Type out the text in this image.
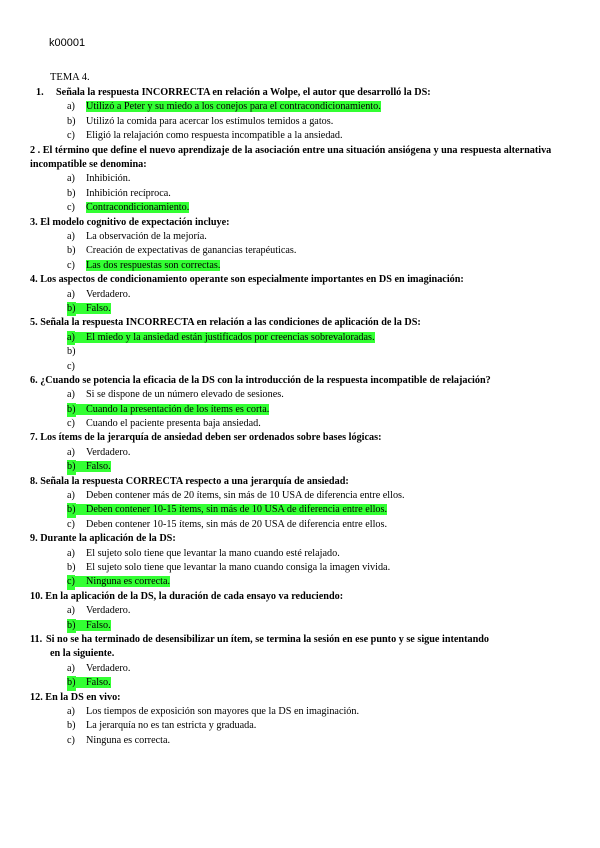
k00001
TEMA 4.

1. Señala la respuesta INCORRECTA en relación a Wolpe, el autor que desarrolló la DS:

a) Utilizó a Peter y su miedo a los conejos para el contracondicionamiento.
b) Utilizó la comida para acercar los estímulos temidos a gatos.
c) Eligió la relajación como respuesta incompatible a la ansiedad.

2 . El término que define el nuevo aprendizaje de la asociación entre una situación ansiógena y una respuesta alternativa incompatible se denomina:

a) Inhibición.
b) Inhibición recíproca.
c) Contracondicionamiento.

3. El modelo cognitivo de expectación incluye:

a) La observación de la mejoría.
b) Creación de expectativas de ganancias terapéuticas.
c) Las dos respuestas son correctas.

4. Los aspectos de condicionamiento operante son especialmente importantes en DS en imaginación:

a) Verdadero.
b) Falso.

5. Señala la respuesta INCORRECTA en relación a las condiciones de aplicación de la DS:

a) El miedo y la ansiedad están justificados por creencias sobrevaloradas.
b)
c)

6. ¿Cuando se potencia la eficacia de la DS con la introducción de la respuesta incompatible de relajación?

a) Si se dispone de un número elevado de sesiones.
b) Cuando la presentación de los ítems es corta.
c) Cuando el paciente presenta baja ansiedad.

7. Los ítems de la jerarquía de ansiedad deben ser ordenados sobre bases lógicas:

a) Verdadero.
b) Falso.

8. Señala la respuesta CORRECTA respecto a una jerarquía de ansiedad:

a) Deben contener más de 20 ítems, sin más de 10 USA de diferencia entre ellos.
b) Deben contener 10-15 ítems, sin más de 10 USA de diferencia entre ellos.
c) Deben contener 10-15 ítems, sin más de 20 USA de diferencia entre ellos.

9. Durante la aplicación de la DS:

a) El sujeto solo tiene que levantar la mano cuando esté relajado.
b) El sujeto solo tiene que levantar la mano cuando consiga la imagen vivida.
c) Ninguna es correcta.

10. En la aplicación de la DS, la duración de cada ensayo va reduciendo:

a) Verdadero.
b) Falso.

11. Si no se ha terminado de desensibilizar un ítem, se termina la sesión en ese punto y se sigue intentando
en la siguiente.

a) Verdadero.
b) Falso.

12. En la DS en vivo:

a) Los tiempos de exposición son mayores que la DS en imaginación.
b) La jerarquía no es tan estricta y graduada.
c) Ninguna es correcta.
